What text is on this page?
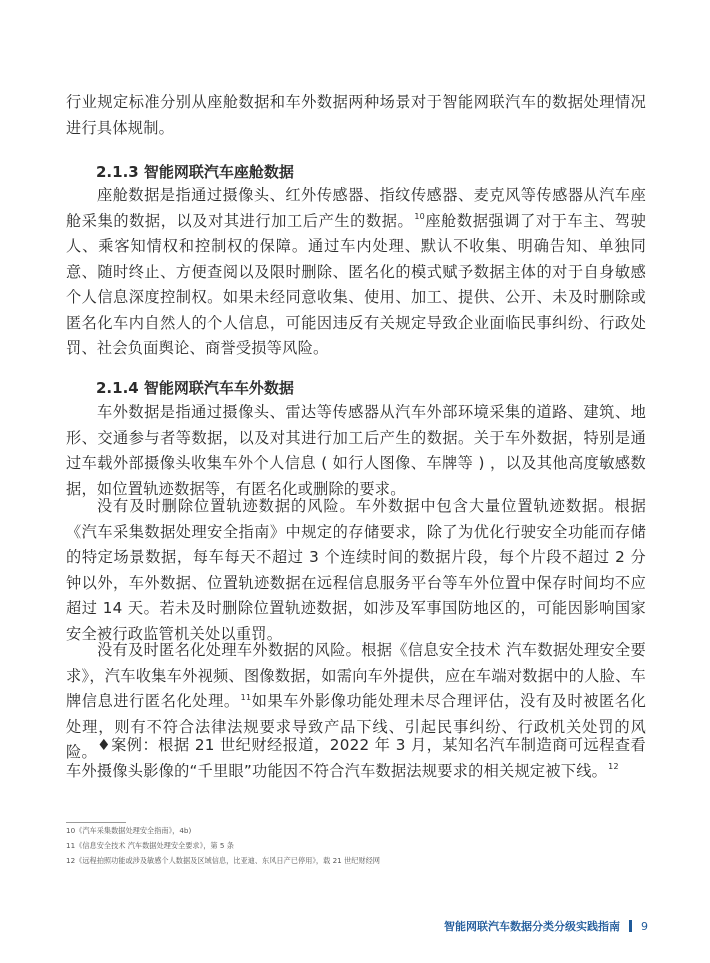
行业规定标准分别从座舱数据和车外数据两种场景对于智能网联汽车的数据处理情况进行具体规制。

2.1.3 智能网联汽车座舱数据

座舱数据是指通过摄像头、红外传感器、指纹传感器、麦克风等传感器从汽车座舱采集的数据，以及对其进行加工后产生的数据。$^{10}$座舱数据强调了对于车主、驾驶人、乘客知情权和控制权的保障。通过车内处理、默认不收集、明确告知、单独同意、随时终止、方便查阅以及限时删除、匿名化的模式赋予数据主体的对于自身敏感个人信息深度控制权。如果未经同意收集、使用、加工、提供、公开、未及时删除或匿名化车内自然人的个人信息，可能因违反有关规定导致企业面临民事纠纷、行政处罚、社会负面舆论、商誉受损等风险。

2.1.4 智能网联汽车车外数据

车外数据是指通过摄像头、雷达等传感器从汽车外部环境采集的道路、建筑、地形、交通参与者等数据，以及对其进行加工后产生的数据。关于车外数据，特别是通过车载外部摄像头收集车外个人信息 ( 如行人图像、车牌等 ) ，以及其他高度敏感数据，如位置轨迹数据等，有匿名化或删除的要求。

没有及时删除位置轨迹数据的风险。车外数据中包含大量位置轨迹数据。根据《汽车采集数据处理安全指南》中规定的存储要求，除了为优化行驶安全功能而存储的特定场景数据，每车每天不超过 3 个连续时间的数据片段，每个片段不超过 2 分钟以外，车外数据、位置轨迹数据在远程信息服务平台等车外位置中保存时间均不应超过 14 天。若未及时删除位置轨迹数据，如涉及军事国防地区的，可能因影响国家安全被行政监管机关处以重罚。

没有及时匿名化处理车外数据的风险。根据《信息安全技术 汽车数据处理安全要求》，汽车收集车外视频、图像数据，如需向车外提供，应在车端对数据中的人脸、车牌信息进行匿名化处理。$^{11}$如果车外影像功能处理未尽合理评估，没有及时被匿名化处理，则有不符合法律法规要求导致产品下线、引起民事纠纷、行政机关处罚的风险。 ♦案例：根据 21 世纪财经报道，2022 年 3 月，某知名汽车制造商可远程查看车外摄像头影像的“千里眼”功能因不符合汽车数据法规要求的相关规定被下线。$^{12}$

10《汽车采集数据处理安全指南》，4b)

11《信息安全技术 汽车数据处理安全要求》，第 5 条

12《远程拍照功能或涉及敏感个人数据及区域信息，比亚迪、东风日产已停用》，载 21 世纪财经网

智能网联汽车数据分类分级实践指南 9
